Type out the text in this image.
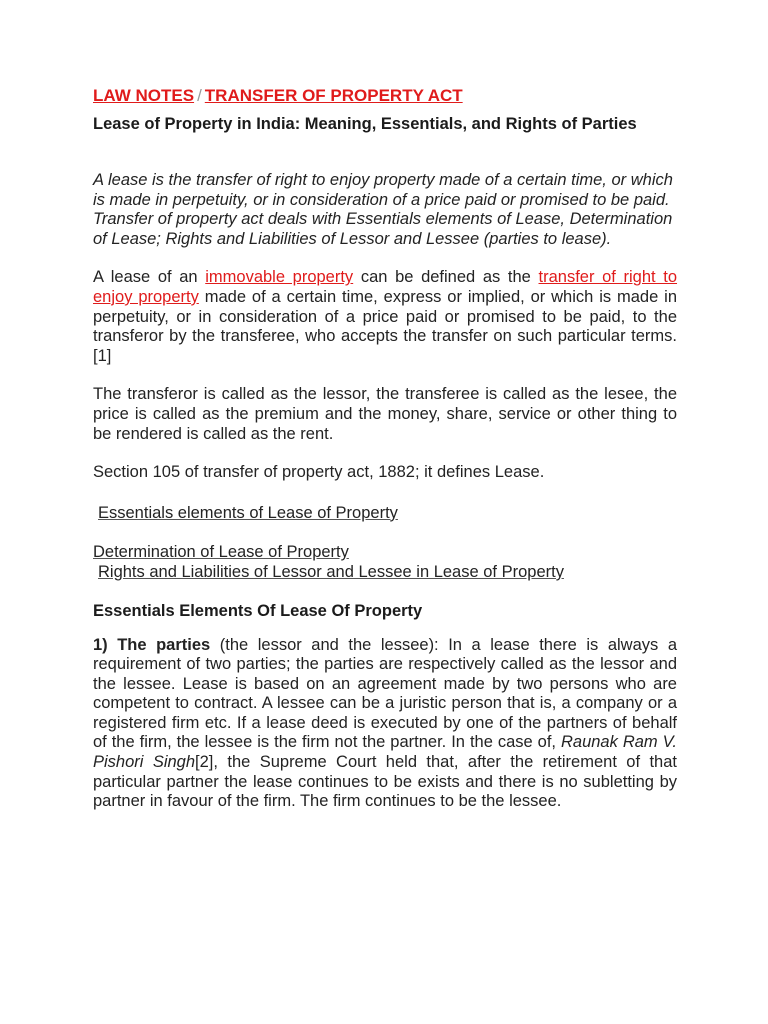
LAW NOTES / TRANSFER OF PROPERTY ACT
Lease of Property in India: Meaning, Essentials, and Rights of Parties

A lease is the transfer of right to enjoy property made of a certain time, or which is made in perpetuity, or in consideration of a price paid or promised to be paid. Transfer of property act deals with Essentials elements of Lease, Determination of Lease; Rights and Liabilities of Lessor and Lessee (parties to lease).

A lease of an immovable property can be defined as the transfer of right to enjoy property made of a certain time, express or implied, or which is made in perpetuity, or in consideration of a price paid or promised to be paid, to the transferor by the transferee, who accepts the transfer on such particular terms.[1]

The transferor is called as the lessor, the transferee is called as the lesee, the price is called as the premium and the money, share, service or other thing to be rendered is called as the rent.

Section 105 of transfer of property act, 1882; it defines Lease.

Essentials elements of Lease of Property

Determination of Lease of Property

Rights and Liabilities of Lessor and Lessee in Lease of Property

Essentials Elements Of Lease Of Property

1) The parties (the lessor and the lessee): In a lease there is always a requirement of two parties; the parties are respectively called as the lessor and the lessee. Lease is based on an agreement made by two persons who are competent to contract. A lessee can be a juristic person that is, a company or a registered firm etc. If a lease deed is executed by one of the partners of behalf of the firm, the lessee is the firm not the partner. In the case of, Raunak Ram V. Pishori Singh[2], the Supreme Court held that, after the retirement of that particular partner the lease continues to be exists and there is no subletting by partner in favour of the firm. The firm continues to be the lessee.
